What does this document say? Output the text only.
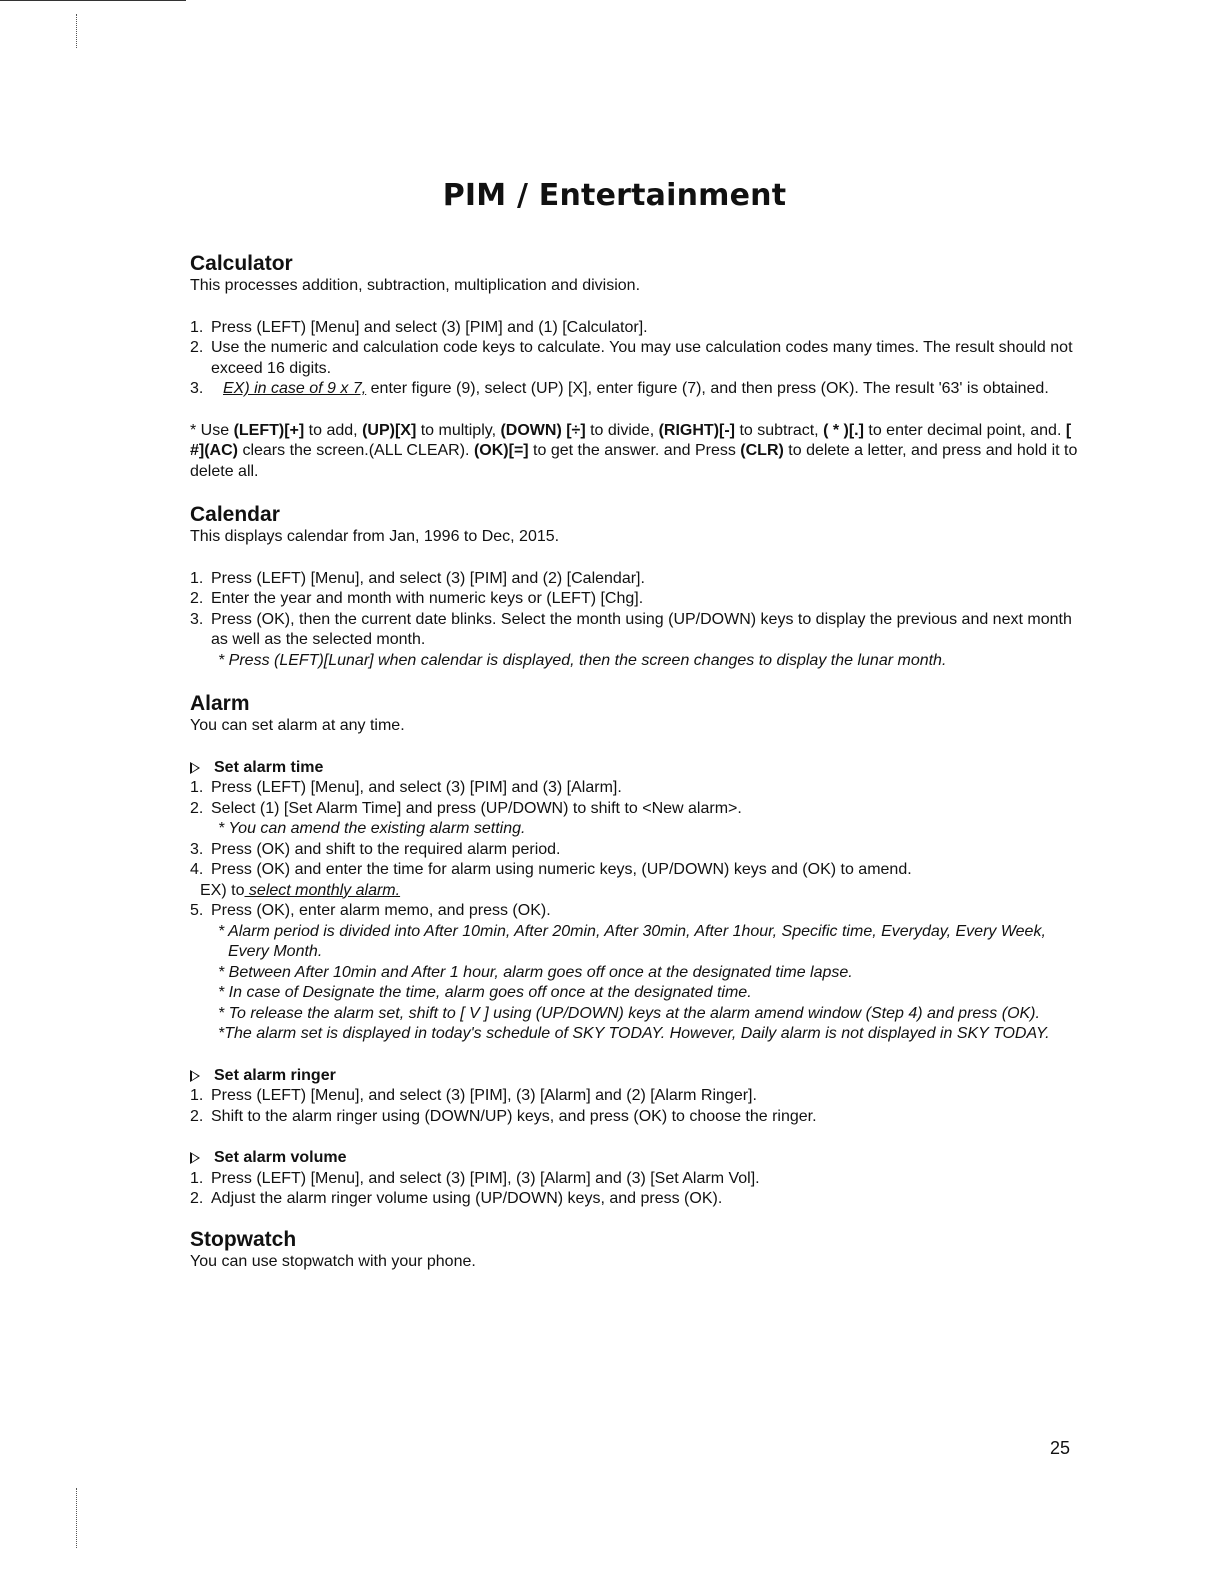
PIM / Entertainment
Calculator

This processes addition, subtraction, multiplication and division.

1. Press (LEFT) [Menu] and select (3) [PIM] and (1) [Calculator].
2. Use the numeric and calculation code keys to calculate. You may use calculation codes many times. The result should not exceed 16 digits.
3.	EX) in case of 9 x 7, enter figure (9), select (UP) [X], enter figure (7), and then press (OK). The result '63' is obtained.

* Use (LEFT)[+] to add, (UP)[X] to multiply, (DOWN) [÷] to divide, (RIGHT)[-] to subtract, ( * )[.] to enter decimal point, and. [ #](AC) clears the screen.(ALL CLEAR). (OK)[=] to get the answer. and Press (CLR) to delete a letter, and press and hold it to delete all.

Calendar

This displays calendar from Jan, 1996 to Dec, 2015.

1. Press (LEFT) [Menu], and select (3) [PIM] and (2) [Calendar].
2. Enter the year and month with numeric keys or (LEFT) [Chg].
3. Press (OK), then the current date blinks. Select the month using (UP/DOWN) keys to display the previous and next month as well as the selected month.

* Press (LEFT)[Lunar] when calendar is displayed, then the screen changes to display the lunar month.

Alarm

You can set alarm at any time.

Set alarm time
1. Press (LEFT) [Menu], and select (3) [PIM] and (3) [Alarm].
2. Select (1) [Set Alarm Time] and press (UP/DOWN) to shift to <New alarm>.
* You can amend the existing alarm setting.
3. Press (OK) and shift to the required alarm period.
4. Press (OK) and enter the time for alarm using numeric keys, (UP/DOWN) keys and (OK) to amend.
EX) to select monthly alarm.
5. Press (OK), enter alarm memo, and press (OK).
* Alarm period is divided into After 10min, After 20min, After 30min, After 1hour, Specific time, Everyday, Every Week, Every Month.
* Between After 10min and After 1 hour, alarm goes off once at the designated time lapse.
* In case of Designate the time, alarm goes off once at the designated time.
* To release the alarm set, shift to [ V ] using (UP/DOWN) keys at the alarm amend window (Step 4) and press (OK).
*The alarm set is displayed in today's schedule of SKY TODAY. However, Daily alarm is not displayed in SKY TODAY.
Set alarm ringer
1. Press (LEFT) [Menu], and select (3) [PIM], (3) [Alarm] and (2) [Alarm Ringer].
2. Shift to the alarm ringer using (DOWN/UP) keys, and press (OK) to choose the ringer.
Set alarm volume
1. Press (LEFT) [Menu], and select (3) [PIM], (3) [Alarm] and (3) [Set Alarm Vol].
2. Adjust the alarm ringer volume using (UP/DOWN) keys, and press (OK).
Stopwatch

You can use stopwatch with your phone.

25
